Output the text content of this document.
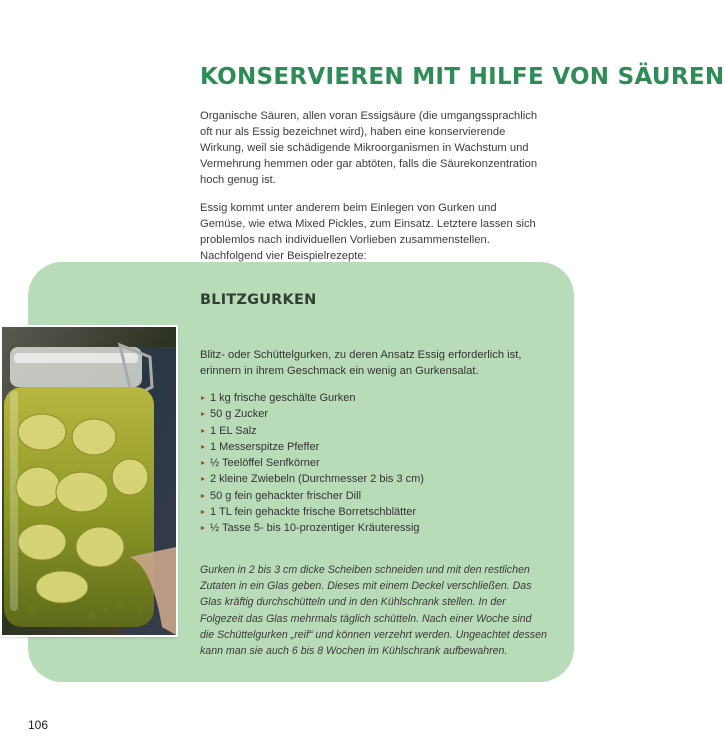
KONSERVIEREN MIT HILFE VON SÄUREN

Organische Säuren, allen voran Essigsäure (die umgangssprachlich oft nur als Essig bezeichnet wird), haben eine konservierende Wirkung, weil sie schädigende Mikroorganismen in Wachstum und Vermehrung hemmen oder gar abtöten, falls die Säurekonzentration hoch genug ist.

Essig kommt unter anderem beim Einlegen von Gurken und Gemüse, wie etwa Mixed Pickles, zum Einsatz. Letztere lassen sich problemlos nach individuellen Vorlieben zusammenstellen. Nachfolgend vier Beispielrezepte:

BLITZGURKEN
Blitz- oder Schüttelgurken, zu deren Ansatz Essig erforderlich ist, erinnern in ihrem Geschmack ein wenig an Gurkensalat.
1 kg frische geschälte Gurken
50 g Zucker
1 EL Salz
1 Messerspitze Pfeffer
½ Teelöffel Senfkörner
2 kleine Zwiebeln (Durchmesser 2 bis 3 cm)
50 g fein gehackter frischer Dill
1 TL fein gehackte frische Borretschblätter
½ Tasse 5- bis 10-prozentiger Kräuteressig
Gurken in 2 bis 3 cm dicke Scheiben schneiden und mit den restlichen Zutaten in ein Glas geben. Dieses mit einem Deckel verschließen. Das Glas kräftig durchschütteln und in den Kühlschrank stellen. In der Folgezeit das Glas mehrmals täglich schütteln. Nach einer Woche sind die Schüttelgurken „reif“ und können verzehrt werden. Ungeachtet dessen kann man sie auch 6 bis 8 Wochen im Kühlschrank aufbewahren.
106
